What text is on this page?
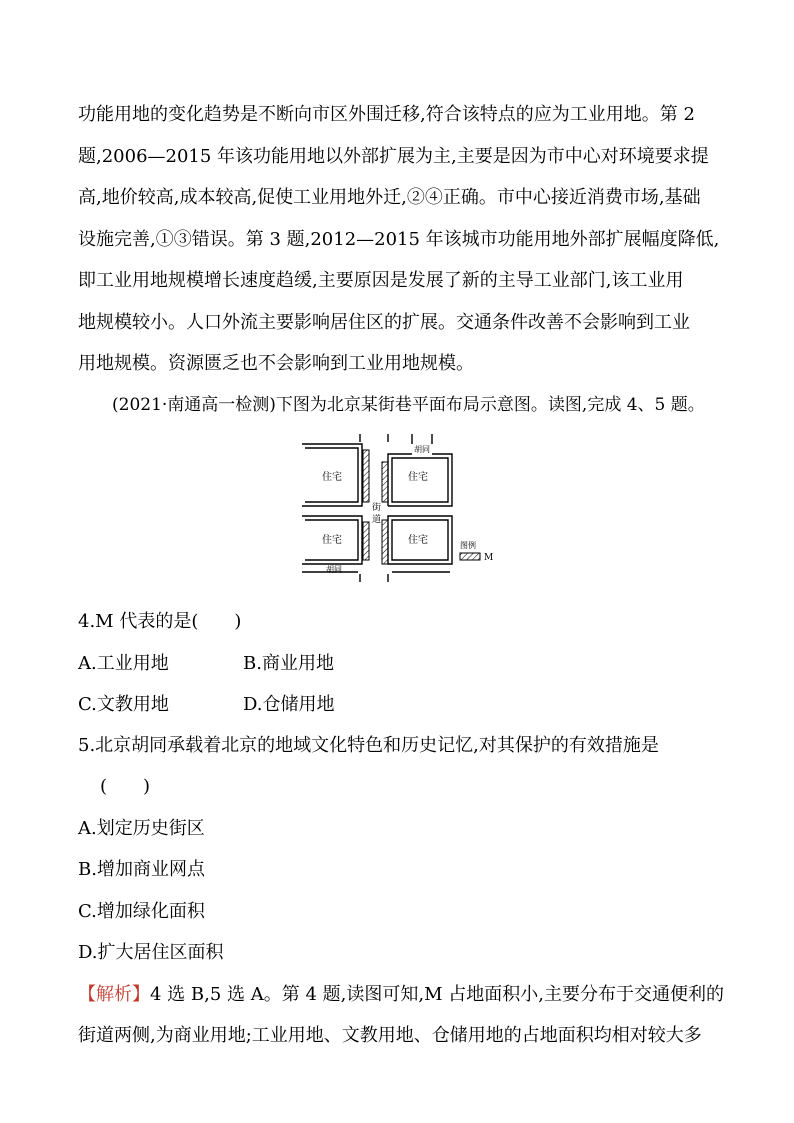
功能用地的变化趋势是不断向市区外围迁移,符合该特点的应为工业用地。第 2

题,2006—2015 年该功能用地以外部扩展为主,主要是因为市中心对环境要求提

高,地价较高,成本较高,促使工业用地外迁,②④正确。市中心接近消费市场,基础

设施完善,①③错误。第 3 题,2012—2015 年该城市功能用地外部扩展幅度降低,

即工业用地规模增长速度趋缓,主要原因是发展了新的主导工业部门,该工业用

地规模较小。人口外流主要影响居住区的扩展。交通条件改善不会影响到工业

用地规模。资源匮乏也不会影响到工业用地规模。

(2021·南通高一检测)下图为北京某街巷平面布局示意图。读图,完成 4、5 题。
住宅	住宅
住宅	住宅
胡同
胡同
街
道
图例
M
4.M 代表的是(　　)
A.工业用地	B.商业用地
C.文教用地	D.仓储用地
5.北京胡同承载着北京的地域文化特色和历史记忆,对其保护的有效措施是
(　　)
A.划定历史街区
B.增加商业网点
C.增加绿化面积
D.扩大居住区面积
【解析】4 选 B,5 选 A。第 4 题,读图可知,M 占地面积小,主要分布于交通便利的
街道两侧,为商业用地;工业用地、文教用地、仓储用地的占地面积均相对较大多
